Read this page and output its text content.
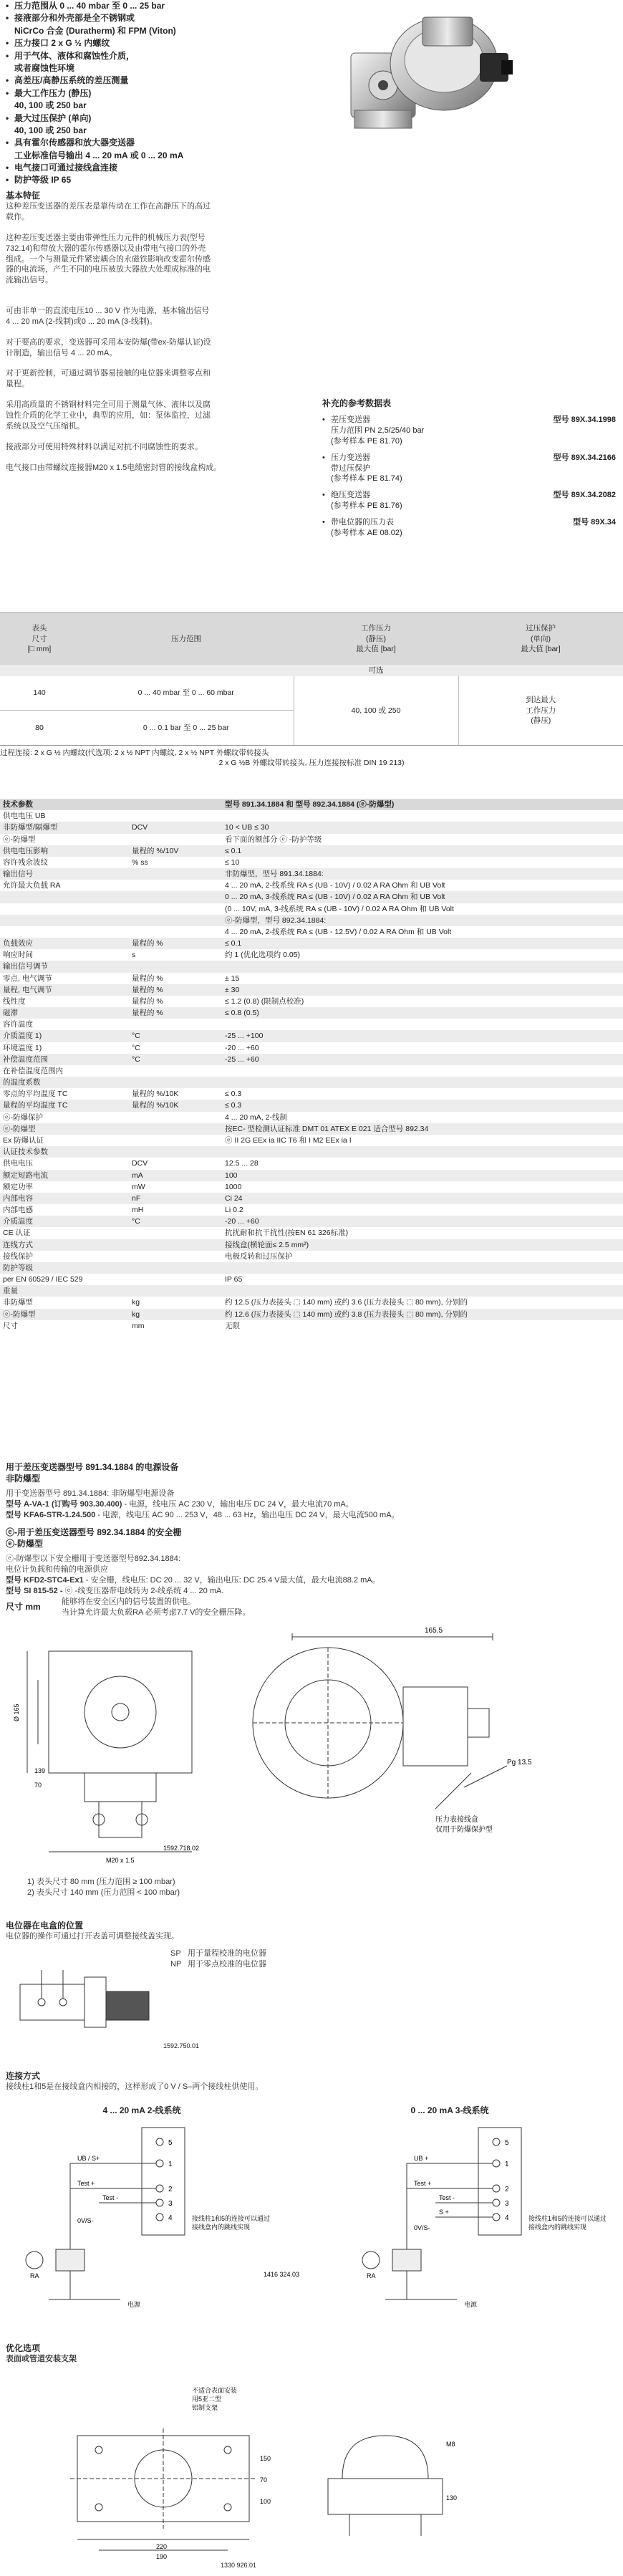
• 压力范围从 0 ... 40 mbar 至 0 ... 25 bar
• 接液部分和外壳部是全不锈钢或
NiCrCo 合金 (Duratherm) 和 FPM (Viton)
• 压力接口 2 x G ½ 内螺纹
• 用于气体、液体和腐蚀性介质，
或者腐蚀性环境
• 高差压/高静压系统的差压测量
• 最大工作压力 (静压)
40, 100 或 250 bar
• 最大过压保护 (单向)
40, 100 或 250 bar
• 具有霍尔传感器和放大器变送器
工业标准信号输出 4 ... 20 mA 或 0 ... 20 mA
• 电气接口可通过接线盒连接
• 防护等级 IP 65
基本特征
这种差压变送器的差压表是靠传动在工作在高静压下的高过
载作。
这种差压变送器主要由带弹性压力元件的机械压力表(型号
732.14)和带放大器的霍尔传感器以及由带电气接口的外壳
组成。一个与测量元件紧密耦合的永磁铁影响改变霍尔传感
器的电流场，产生不同的电压被放大器放大处理成标准的电
流输出信号。
可由非单一的直流电压10 ... 30 V 作为电源，基本输出信号
4 ... 20 mA (2-线制)或0 ... 20 mA (3-线制)。
对于要高的要求，变送器可采用本安防爆(带ex-防爆认证)设
计制造，输出信号 4 ... 20 mA。
对于更新控制，可通过调节器易接触的电位器来调整零点和
量程。
采用高质量的不锈钢材料完全可用于测量气体、液体以及腐
蚀性介质的化学工业中，典型的应用，如：泵体监控，过滤
系统以及空气压缩机。
接液部分可使用特殊材料以满足对抗不同腐蚀性的要求。
电气接口由带螺纹连接器M20 x 1.5电缆密封管的接线盒构成。
补充的参考数据表
差压变送器
压力范围 PN 2,5/25/40 bar
(参考样本 PE 81.70)
型号 89X.34.1998
•
压力变送器
带过压保护
(参考样本 PE 81.74)
型号 89X.34.2166
•
绝压变送器
(参考样本 PE 81.76)
型号 89X.34.2082
•
带电位器的压力表
(参考样本 AE 08.02)
型号 89X.34
•
表头
尺寸
[□ mm]	压力范围	工作压力
(静压)
最大值 [bar]	过压保护
(单向)
最大值 [bar]
		可选	
140	0 ... 40 mbar 至 0 ... 60 mbar	40, 100 或 250	到达最大
工作压力
(静压)
80	0 ... 0.1 bar 至 0 ... 25 bar		
过程连接: 2 x G ½ 内螺纹(代选项: 2 x ½ NPT 内螺纹, 2 x ½ NPT 外螺纹带转接头
2 x G ½B 外螺纹带转接头, 压力连接按标准 DIN 19 213)
技术参数		型号 891.34.1884 和 型号 892.34.1884 (ⓔ-防爆型)
供电电压 UB		
非防爆型/隔爆型	DCV	10 < UB ≤ 30
ⓔ-防爆型		看下面的额部分 ⓔ -防护等级
供电电压影响	量程的 %/10V	≤ 0.1
容许残余波纹	% ss	≤ 10
输出信号		非防爆型，型号 891.34.1884:
允许最大负载 RA		4 ... 20 mA, 2-线系统 RA ≤ (UB - 10V) / 0.02 A RA Ohm 和 UB Volt
		0 ... 20 mA, 3-线系统 RA ≤ (UB - 10V) / 0.02 A RA Ohm 和 UB Volt
		(0 ... 10V, mA, 3-线系统 RA ≤ (UB - 10V) / 0.02 A RA Ohm 和 UB Volt
		ⓔ-防爆型，型号 892.34.1884:
		4 ... 20 mA, 2-线系统 RA ≤ (UB - 12.5V) / 0.02 A RA Ohm 和 UB Volt
负载效应	量程的 %	≤ 0.1
响应时间	s	约 1 (优化选项约 0.05)
输出信号调节		
零点, 电气调节	量程的 %	± 15
量程, 电气调节	量程的 %	± 30
线性度	量程的 %	≤ 1.2 (0.8) (限制点校准)
磁滞	量程的 %	≤ 0.8 (0.5)
容许温度		
介质温度 1)	°C	-25 ... +100
环境温度 1)	°C	-20 ... +60
补偿温度范围	°C	-25 ... +60
在补偿温度范围内		
的温度系数		
零点的平均温度 TC	量程的 %/10K	≤ 0.3
量程的平均温度 TC	量程的 %/10K	≤ 0.3
ⓔ-防爆保护		4 ... 20 mA, 2-线制
ⓔ-防爆型		按EC- 型检测认证标准 DMT 01 ATEX E 021 适合型号 892.34
Ex 防爆认证		ⓔ II 2G EEx ia IIC T6 和 I M2 EEx ia I
认证技术参数		
供电电压	DCV	12.5 ... 28
额定短路电流	mA	100
额定功率	mW	1000
内部电容	nF	Ci 24
内部电感	mH	Li 0.2
介质温度	°C	-20 ... +60
CE 认证		抗扰耐和抗干扰性(按EN 61 326标准)
连线方式		接线盒(横轮面≤ 2.5 mm²)
接线保护		电极反转和过压保护
防护等级		
per EN 60529 / IEC 529		IP 65
重量		
非防爆型	kg	约 12.5 (压力表接头 ⬚ 140 mm) 或约 3.6 (压力表接头 ⬚ 80 mm), 分别的
ⓔ-防爆型	kg	约 12.6 (压力表接头 ⬚ 140 mm) 或约 3.8 (压力表接头 ⬚ 80 mm), 分别的
尺寸	mm	无限
用于差压变送器型号 891.34.1884 的电源设备
非防爆型
用于变送器型号 891.34.1884: 非防爆型电源设备
型号 A-VA-1 (订购号 903.30.400) - 电源，线电压 AC 230 V，输出电压 DC 24 V，最大电流70 mA。
型号 KFA6-STR-1.24.500 - 电源，线电压 AC 90 ... 253 V，48 ... 63 Hz，输出电压 DC 24 V，最大电流500 mA。
ⓔ-用于差压变送器型号 892.34.1884 的安全栅
ⓔ-防爆型
ⓔ-防爆型以下安全栅用于变送器型号892.34.1884:
电位计负载和传输的电源供应
型号 KFD2-STC4-Ex1 - 安全栅，线电压: DC 20 ... 32 V，输出电压: DC 25.4 V最大值，最大电流88.2 mA。
型号 SI 815-52 - ⓔ -线变压器带电线转为 2-线系统 4 ... 20 mA.
能够将在安全区内的信号装置的供电。
当计算允许最大负载RA 必须考虑7.7 V的安全栅压降。
尺寸 mm
165.5
Pg 13.5
压力表接线盒
仅用于防爆保护型
Ø 165
139
70
M20 x 1.5
1592.718.02
1) 表头尺寸 80 mm (压力范围 ≥ 100 mbar)
2) 表头尺寸 140 mm (压力范围 < 100 mbar)
电位器在电盒的位置
电位器的操作可通过打开表盖可调整接线盖实现。
SP 用于量程校准的电位器
NP 用于零点校准的电位器
1592.750.01
连接方式
接线柱1和5是在接线盒内相接的，这样形成了0 V / S–两个接线柱供使用。
4 ... 20 mA 2-线系统	0 ... 20 mA 3-线系统
5
1
2
3
4
5
1
2
3
4
UB / S+
Test +
Test -
0V/S-
电源
UB +
Test +
Test -
S +
0V/S-
电源
接线柱1和5的连接可以通过
接线盒内的跳线实现
接线柱1和5的连接可以通过
接线盒内的跳线实现
RA	RA
1416 324.03
优化选项
表面或管道安装支架
不适合表面安装
用5亚二型
铝制支架
M8
130
70
220
190
150
100
1330 926.01
